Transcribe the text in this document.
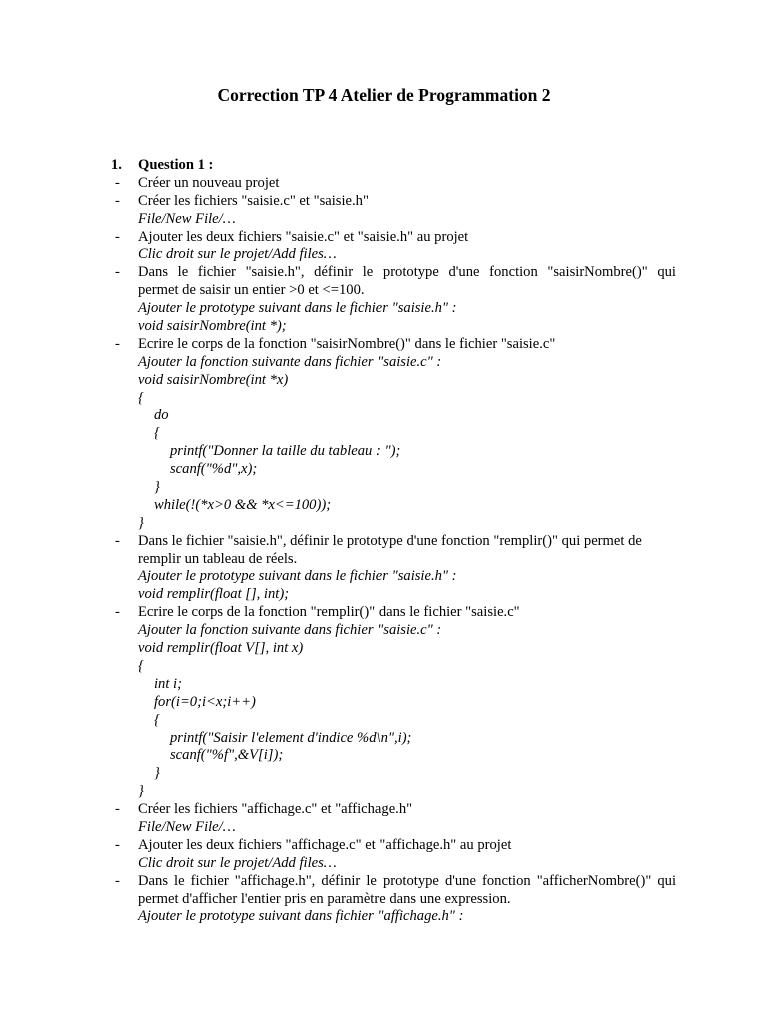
Correction TP 4 Atelier de Programmation 2
1. Question 1 :
- Créer un nouveau projet
- Créer les fichiers "saisie.c" et "saisie.h"
File/New File/…
- Ajouter les deux fichiers "saisie.c" et "saisie.h" au projet
Clic droit sur le projet/Add files…
- Dans le fichier "saisie.h", définir le prototype d'une fonction "saisirNombre()" qui
permet de saisir un entier >0 et <=100.
Ajouter le prototype suivant dans le fichier "saisie.h" :
void saisirNombre(int *);
- Ecrire le corps de la fonction "saisirNombre()" dans le fichier "saisie.c"
Ajouter la fonction suivante dans fichier "saisie.c" :
void saisirNombre(int *x)
{
do
{
printf("Donner la taille du tableau : ");
scanf("%d",x);
}
while(!(*x>0 && *x<=100));
}
- Dans le fichier "saisie.h", définir le prototype d'une fonction "remplir()" qui permet de
remplir un tableau de réels.
Ajouter le prototype suivant dans le fichier "saisie.h" :
void remplir(float [], int);
- Ecrire le corps de la fonction "remplir()" dans le fichier "saisie.c"
Ajouter la fonction suivante dans fichier "saisie.c" :
void remplir(float V[], int x)
{
int i;
for(i=0;i<x;i++)
{
printf("Saisir l'element d'indice %d\n",i);
scanf("%f",&V[i]);
}
}
- Créer les fichiers "affichage.c" et "affichage.h"
File/New File/…
- Ajouter les deux fichiers "affichage.c" et "affichage.h" au projet
Clic droit sur le projet/Add files…
- Dans le fichier "affichage.h", définir le prototype d'une fonction "afficherNombre()" qui
permet d'afficher l'entier pris en paramètre dans une expression.
Ajouter le prototype suivant dans fichier "affichage.h" :
